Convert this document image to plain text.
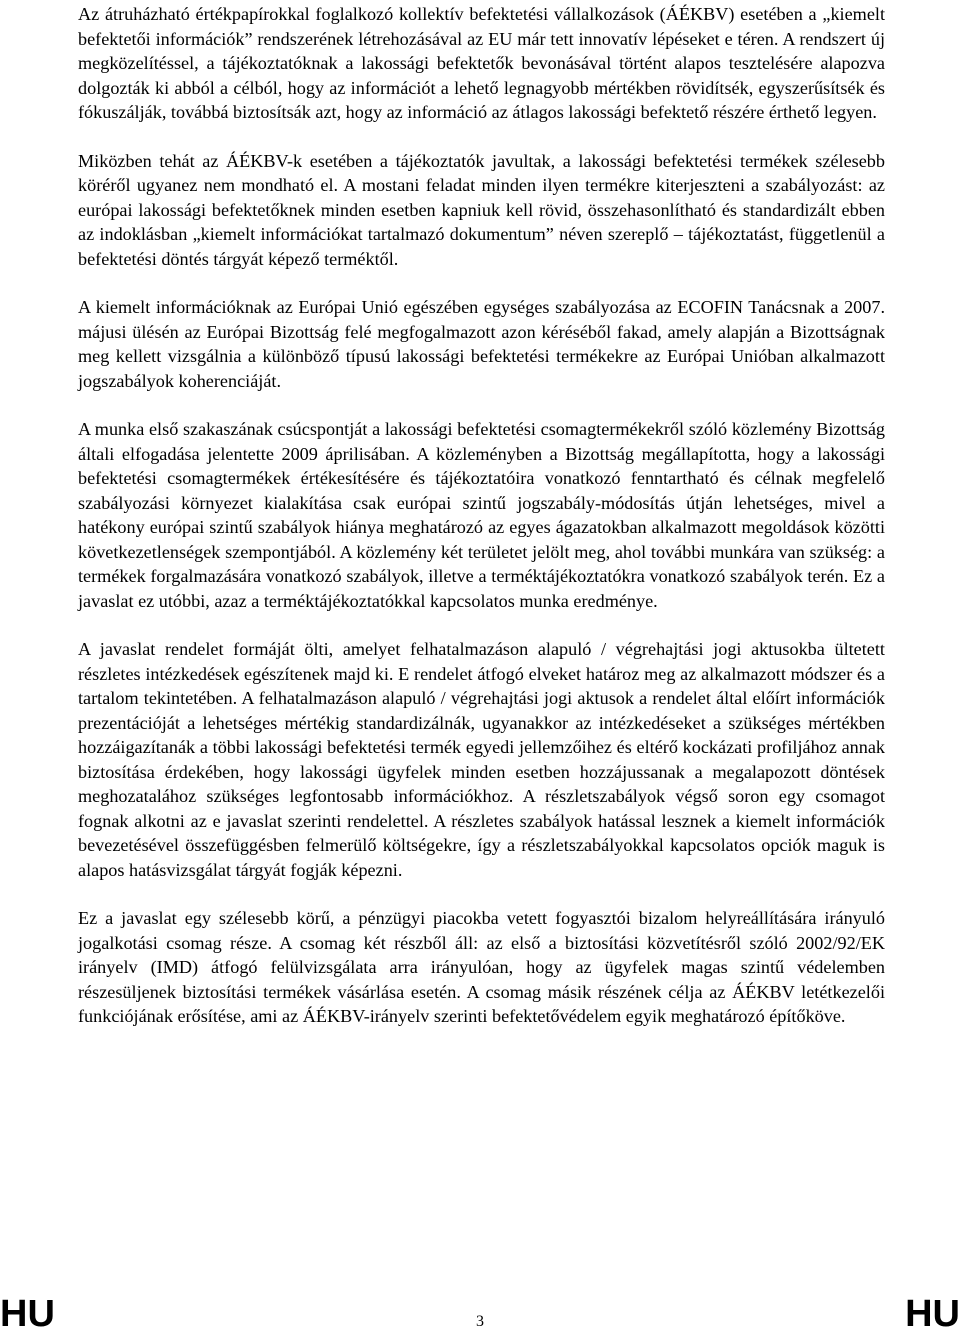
Az átruházható értékpapírokkal foglalkozó kollektív befektetési vállalkozások (ÁÉKBV) esetében a „kiemelt befektetői információk” rendszerének létrehozásával az EU már tett innovatív lépéseket e téren. A rendszert új megközelítéssel, a tájékoztatóknak a lakossági befektetők bevonásával történt alapos tesztelésére alapozva dolgozták ki abból a célból, hogy az információt a lehető legnagyobb mértékben rövidítsék, egyszerűsítsék és fókuszálják, továbbá biztosítsák azt, hogy az információ az átlagos lakossági befektető részére érthető legyen.

Miközben tehát az ÁÉKBV-k esetében a tájékoztatók javultak, a lakossági befektetési termékek szélesebb köréről ugyanez nem mondható el. A mostani feladat minden ilyen termékre kiterjeszteni a szabályozást: az európai lakossági befektetőknek minden esetben kapniuk kell rövid, összehasonlítható és standardizált ebben az indoklásban „kiemelt információkat tartalmazó dokumentum” néven szereplő – tájékoztatást, függetlenül a befektetési döntés tárgyát képező terméktől.

A kiemelt információknak az Európai Unió egészében egységes szabályozása az ECOFIN Tanácsnak a 2007. májusi ülésén az Európai Bizottság felé megfogalmazott azon kéréséből fakad, amely alapján a Bizottságnak meg kellett vizsgálnia a különböző típusú lakossági befektetési termékekre az Európai Unióban alkalmazott jogszabályok koherenciáját.

A munka első szakaszának csúcspontját a lakossági befektetési csomagtermékekről szóló közlemény Bizottság általi elfogadása jelentette 2009 áprilisában. A közleményben a Bizottság megállapította, hogy a lakossági befektetési csomagtermékek értékesítésére és tájékoztatóira vonatkozó fenntartható és célnak megfelelő szabályozási környezet kialakítása csak európai szintű jogszabály-módosítás útján lehetséges, mivel a hatékony európai szintű szabályok hiánya meghatározó az egyes ágazatokban alkalmazott megoldások közötti következetlenségek szempontjából. A közlemény két területet jelölt meg, ahol további munkára van szükség: a termékek forgalmazására vonatkozó szabályok, illetve a terméktájékoztatókra vonatkozó szabályok terén. Ez a javaslat ez utóbbi, azaz a terméktájékoztatókkal kapcsolatos munka eredménye.

A javaslat rendelet formáját ölti, amelyet felhatalmazáson alapuló / végrehajtási jogi aktusokba ültetett részletes intézkedések egészítenek majd ki. E rendelet átfogó elveket határoz meg az alkalmazott módszer és a tartalom tekintetében. A felhatalmazáson alapuló / végrehajtási jogi aktusok a rendelet által előírt információk prezentációját a lehetséges mértékig standardizálnák, ugyanakkor az intézkedéseket a szükséges mértékben hozzáigazítanák a többi lakossági befektetési termék egyedi jellemzőihez és eltérő kockázati profiljához annak biztosítása érdekében, hogy lakossági ügyfelek minden esetben hozzájussanak a megalapozott döntések meghozatalához szükséges legfontosabb információkhoz. A részletszabályok végső soron egy csomagot fognak alkotni az e javaslat szerinti rendelettel. A részletes szabályok hatással lesznek a kiemelt információk bevezetésével összefüggésben felmerülő költségekre, így a részletszabályokkal kapcsolatos opciók maguk is alapos hatásvizsgálat tárgyát fogják képezni.

Ez a javaslat egy szélesebb körű, a pénzügyi piacokba vetett fogyasztói bizalom helyreállítására irányuló jogalkotási csomag része. A csomag két részből áll: az első a biztosítási közvetítésről szóló 2002/92/EK irányelv (IMD) átfogó felülvizsgálata arra irányulóan, hogy az ügyfelek magas szintű védelemben részesüljenek biztosítási termékek vásárlása esetén. A csomag másik részének célja az ÁÉKBV letétkezelői funkciójának erősítése, ami az ÁÉKBV-irányelv szerinti befektetővédelem egyik meghatározó építőköve.

HU	3	HU
